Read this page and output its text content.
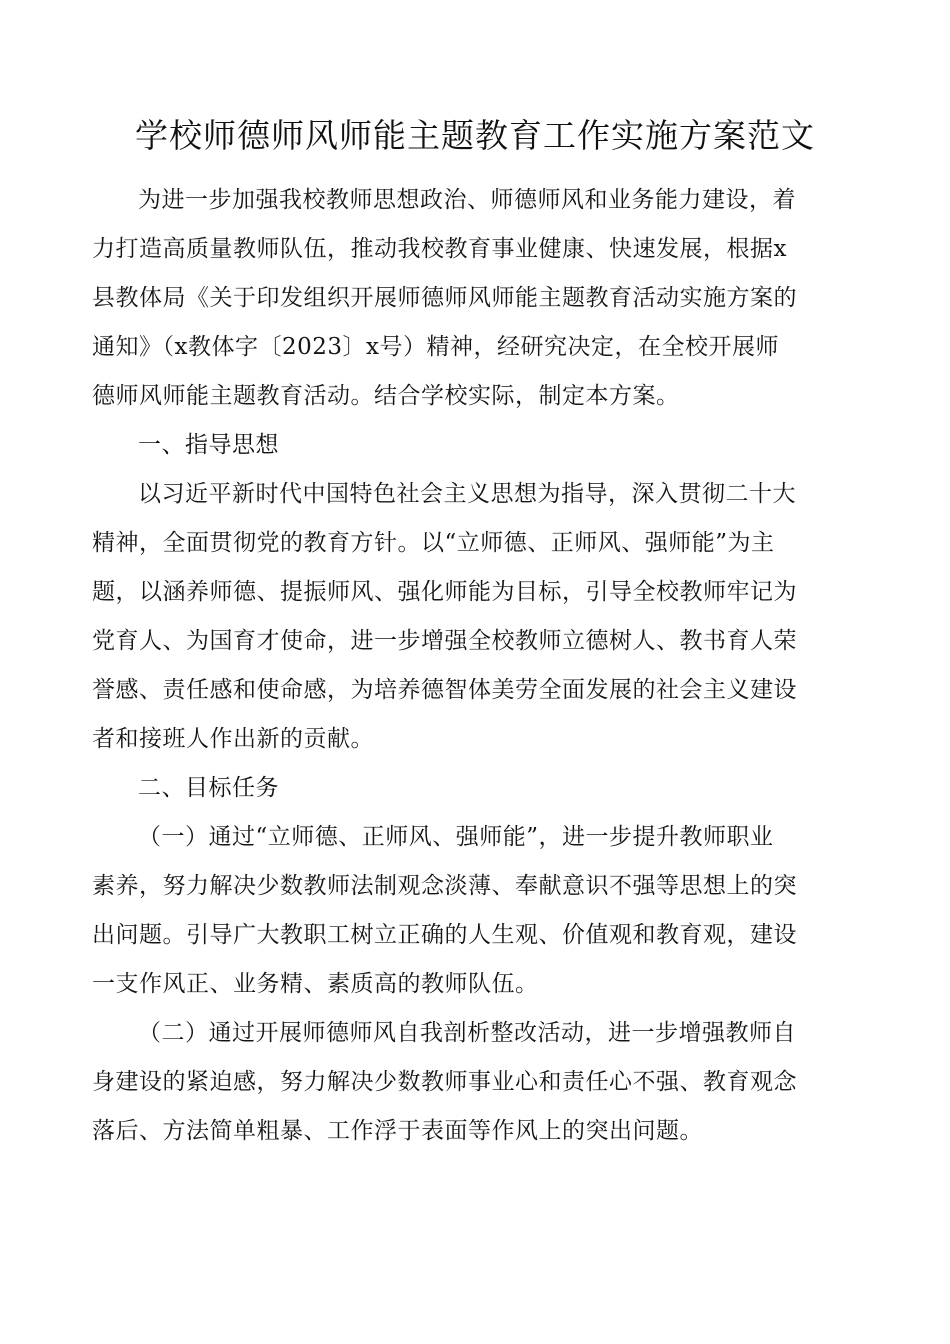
学校师德师风师能主题教育工作实施方案范文

为进一步加强我校教师思想政治、师德师风和业务能力建设，着
力打造高质量教师队伍，推动我校教育事业健康、快速发展，根据x
县教体局《关于印发组织开展师德师风师能主题教育活动实施方案的
通知》（x教体字〔2023〕x号）精神，经研究决定，在全校开展师
德师风师能主题教育活动。结合学校实际，制定本方案。

一、指导思想

以习近平新时代中国特色社会主义思想为指导，深入贯彻二十大
精神，全面贯彻党的教育方针。以“立师德、正师风、强师能”为主
题，以涵养师德、提振师风、强化师能为目标，引导全校教师牢记为
党育人、为国育才使命，进一步增强全校教师立德树人、教书育人荣
誉感、责任感和使命感，为培养德智体美劳全面发展的社会主义建设
者和接班人作出新的贡献。

二、目标任务

（一）通过“立师德、正师风、强师能”，进一步提升教师职业
素养，努力解决少数教师法制观念淡薄、奉献意识不强等思想上的突
出问题。引导广大教职工树立正确的人生观、价值观和教育观，建设
一支作风正、业务精、素质高的教师队伍。

（二）通过开展师德师风自我剖析整改活动，进一步增强教师自
身建设的紧迫感，努力解决少数教师事业心和责任心不强、教育观念
落后、方法简单粗暴、工作浮于表面等作风上的突出问题。
